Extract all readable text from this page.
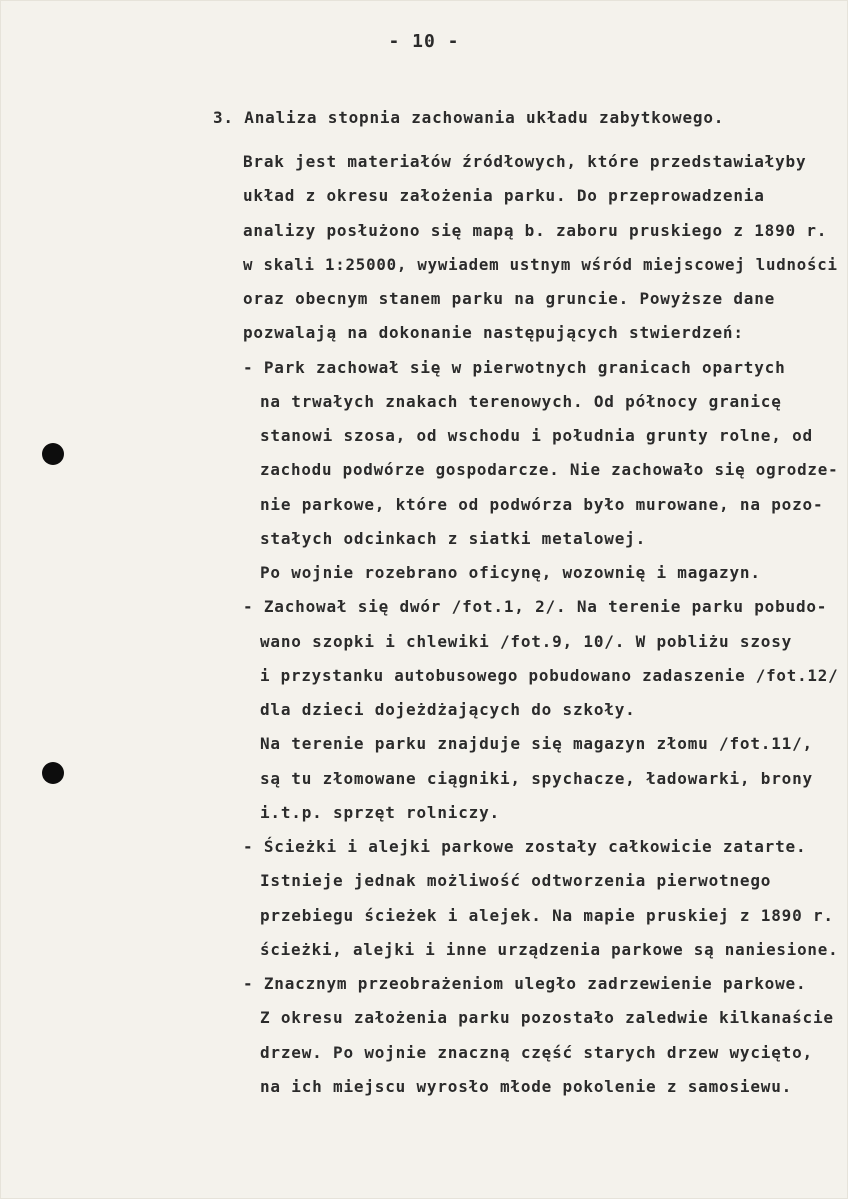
- 10 -
3. Analiza stopnia zachowania układu zabytkowego.
Brak jest materiałów źródłowych, które przedstawiałyby
układ z okresu założenia parku. Do przeprowadzenia
analizy posłużono się mapą b. zaboru pruskiego z 1890 r.
w skali 1:25000, wywiadem ustnym wśród miejscowej ludności
oraz obecnym stanem parku na gruncie. Powyższe dane
pozwalają na dokonanie następujących stwierdzeń:
- Park zachował się w pierwotnych granicach opartych
na trwałych znakach terenowych. Od północy granicę
stanowi szosa, od wschodu i południa grunty rolne, od
zachodu podwórze gospodarcze. Nie zachowało się ogrodze-
nie parkowe, które od podwórza było murowane, na pozo-
stałych odcinkach z siatki metalowej.
Po wojnie rozebrano oficynę, wozownię i magazyn.
- Zachował się dwór /fot.1, 2/. Na terenie parku pobudo-
wano szopki i chlewiki /fot.9, 10/. W pobliżu szosy
i przystanku autobusowego pobudowano zadaszenie /fot.12/
dla dzieci dojeżdżających do szkoły.
Na terenie parku znajduje się magazyn złomu /fot.11/,
są tu złomowane ciągniki, spychacze, ładowarki, brony
i.t.p. sprzęt rolniczy.
- Ścieżki i alejki parkowe zostały całkowicie zatarte.
Istnieje jednak możliwość odtworzenia pierwotnego
przebiegu ścieżek i alejek. Na mapie pruskiej z 1890 r.
ścieżki, alejki i inne urządzenia parkowe są naniesione.
- Znacznym przeobrażeniom uległo zadrzewienie parkowe.
Z okresu założenia parku pozostało zaledwie kilkanaście
drzew. Po wojnie znaczną część starych drzew wycięto,
na ich miejscu wyrosło młode pokolenie z samosiewu.
